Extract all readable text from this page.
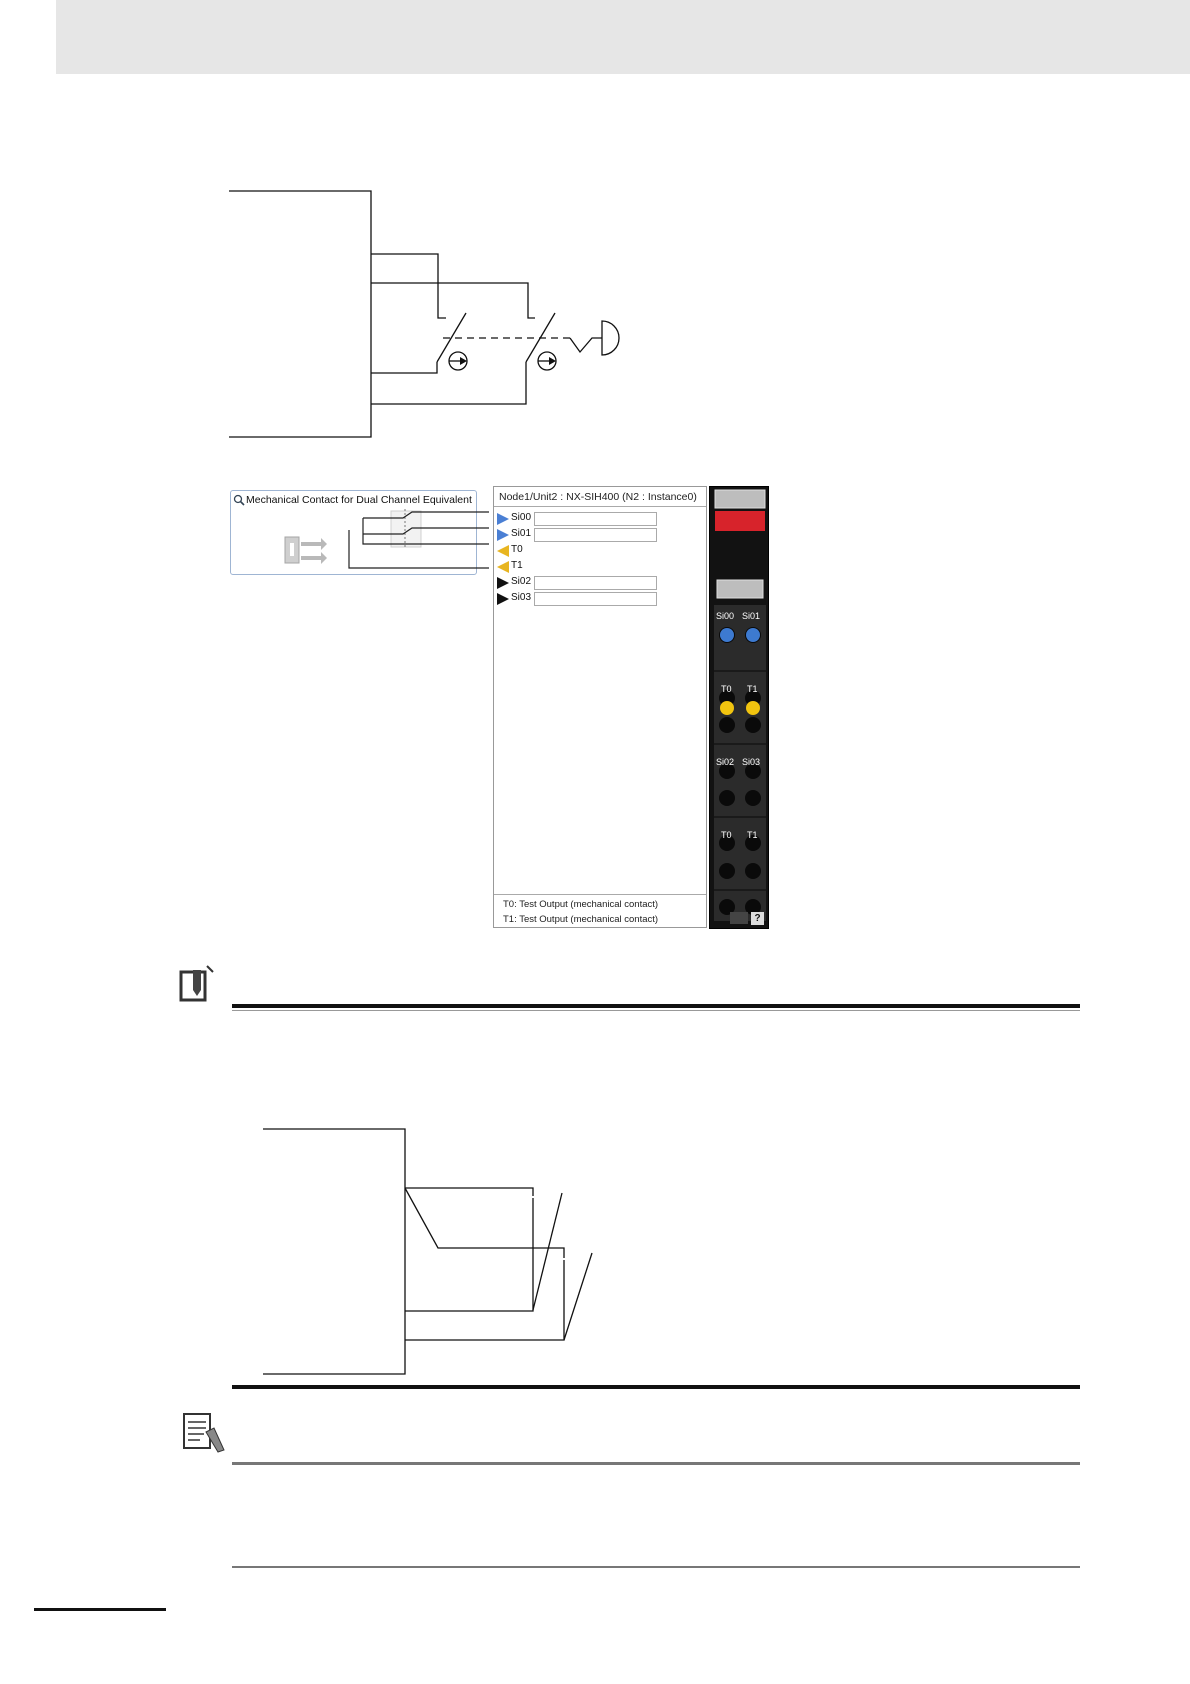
Mechanical Contact for Dual Channel Equivalent	Node1/Unit2 : NX-SIH400 (N2 : Instance0)
Si00
Si01
T0
T1
Si02
Si03
T0: Test Output (mechanical contact)
T1: Test Output (mechanical contact)
Si00 Si01
T0 T1
Si02 Si03
T0 T1
?
